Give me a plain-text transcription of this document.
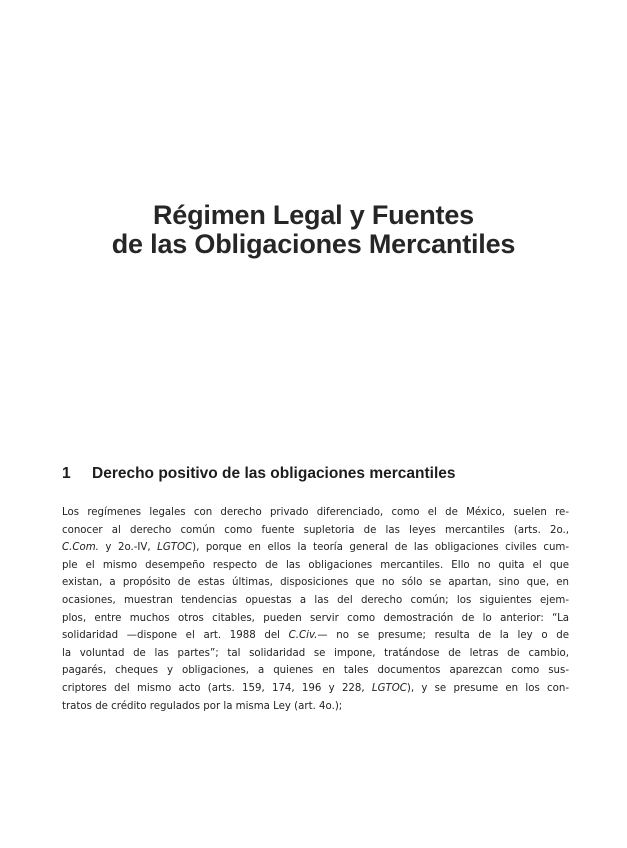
Régimen Legal y Fuentes
de las Obligaciones Mercantiles
1 Derecho positivo de las obligaciones mercantiles

Los regímenes legales con derecho privado diferenciado, como el de México, suelen re-
conocer al derecho común como fuente supletoria de las leyes mercantiles (arts. 2o.,
C.Com. y 2o.-IV, LGTOC), porque en ellos la teoría general de las obligaciones civiles cum-
ple el mismo desempeño respecto de las obligaciones mercantiles. Ello no quita el que
existan, a propósito de estas últimas, disposiciones que no sólo se apartan, sino que, en
ocasiones, muestran tendencias opuestas a las del derecho común; los siguientes ejem-
plos, entre muchos otros citables, pueden servir como demostración de lo anterior: “La
solidaridad —dispone el art. 1988 del C.Civ.— no se presume; resulta de la ley o de
la voluntad de las partes”; tal solidaridad se impone, tratándose de letras de cambio,
pagarés, cheques y obligaciones, a quienes en tales documentos aparezcan como sus-
criptores del mismo acto (arts. 159, 174, 196 y 228, LGTOC), y se presume en los con-
tratos de crédito regulados por la misma Ley (art. 4o.);
